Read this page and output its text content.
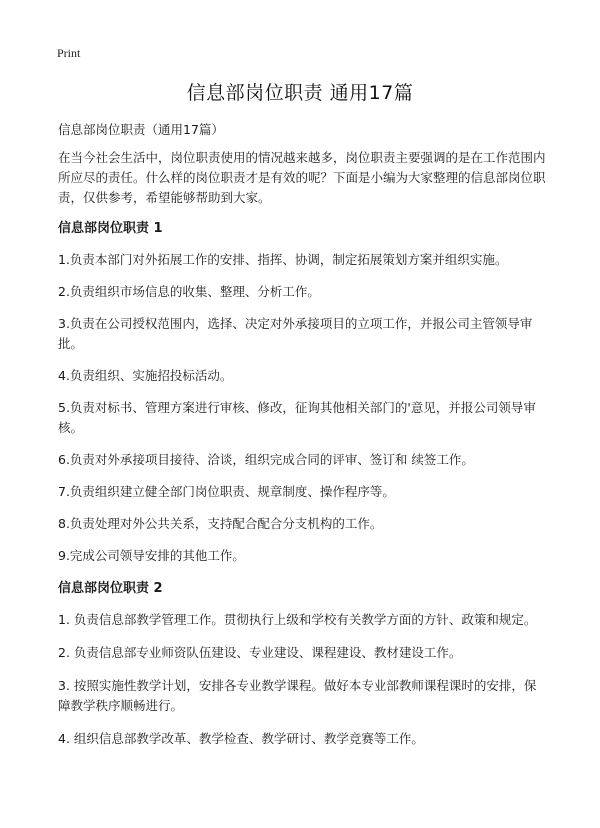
Print
信息部岗位职责 通用17篇

信息部岗位职责（通用17篇）

在当今社会生活中，岗位职责使用的情况越来越多，岗位职责主要强调的是在工作范围内所应尽的责任。什么样的岗位职责才是有效的呢？下面是小编为大家整理的信息部岗位职责，仅供参考，希望能够帮助到大家。

信息部岗位职责 1
1.负责本部门对外拓展工作的安排、指挥、协调，制定拓展策划方案并组织实施。
2.负责组织市场信息的收集、整理、分析工作。
3.负责在公司授权范围内，选择、决定对外承接项目的立项工作，并报公司主管领导审批。
4.负责组织、实施招投标活动。
5.负责对标书、管理方案进行审核、修改，征询其他相关部门的'意见，并报公司领导审核。
6.负责对外承接项目接待、洽谈，组织完成合同的评审、签订和 续签工作。
7.负责组织建立健全部门岗位职责、规章制度、操作程序等。
8.负责处理对外公共关系，支持配合配合分支机构的工作。
9.完成公司领导安排的其他工作。
信息部岗位职责 2
1. 负责信息部教学管理工作。贯彻执行上级和学校有关教学方面的方针、政策和规定。
2. 负责信息部专业师资队伍建设、专业建设、课程建设、教材建设工作。
3. 按照实施性教学计划，安排各专业教学课程。做好本专业部教师课程课时的安排，保障教学秩序顺畅进行。
4. 组织信息部教学改革、教学检查、教学研讨、教学竞赛等工作。
